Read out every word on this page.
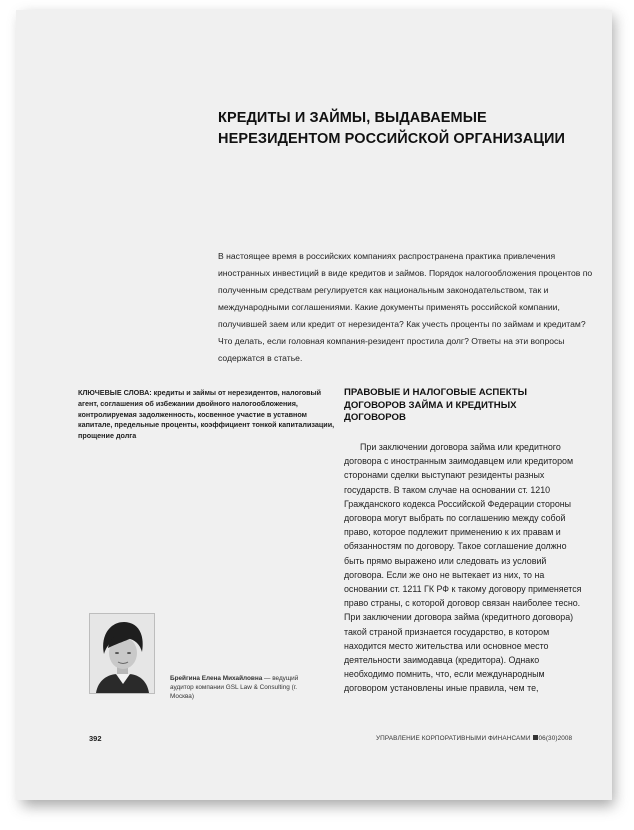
КРЕДИТЫ И ЗАЙМЫ, ВЫДАВАЕМЫЕ НЕРЕЗИДЕНТОМ РОССИЙСКОЙ ОРГАНИЗАЦИИ
В настоящее время в российских компаниях распространена практика привлечения иностранных инвестиций в виде кредитов и займов. Порядок налогообложения процентов по полученным средствам регулируется как национальным законодательством, так и международными соглашениями. Какие документы применять российской компании, получившей заем или кредит от нерезидента? Как учесть проценты по займам и кредитам? Что делать, если головная компания-резидент простила долг? Ответы на эти вопросы содержатся в статье.
КЛЮЧЕВЫЕ СЛОВА: кредиты и займы от нерезидентов, налоговый агент, соглашения об избежании двойного налогообложения, контролируемая задолженность, косвенное участие в уставном капитале, предельные проценты, коэффициент тонкой капитализации, прощение долга
ПРАВОВЫЕ И НАЛОГОВЫЕ АСПЕКТЫ ДОГОВОРОВ ЗАЙМА И КРЕДИТНЫХ ДОГОВОРОВ

При заключении договора займа или кредитного договора с иностранным заимодавцем или кредитором сторонами сделки выступают резиденты разных государств. В таком случае на основании ст. 1210 Гражданского кодекса Российской Федерации стороны договора могут выбрать по соглашению между собой право, которое подлежит применению к их правам и обязанностям по договору. Такое соглашение должно быть прямо выражено или следовать из условий договора. Если же оно не вытекает из них, то на основании ст. 1211 ГК РФ к такому договору применяется право страны, с которой договор связан наиболее тесно. При заключении договора займа (кредитного договора) такой страной признается государство, в котором находится место жительства или основное место деятельности заимодавца (кредитора). Однако необходимо помнить, что, если международным договором установлены иные правила, чем те,

Брейгина Елена Михайловна — ведущий аудитор компании GSL Law & Consulting (г. Москва)
392	УПРАВЛЕНИЕ КОРПОРАТИВНЫМИ ФИНАНСАМИ 06(30)2008
